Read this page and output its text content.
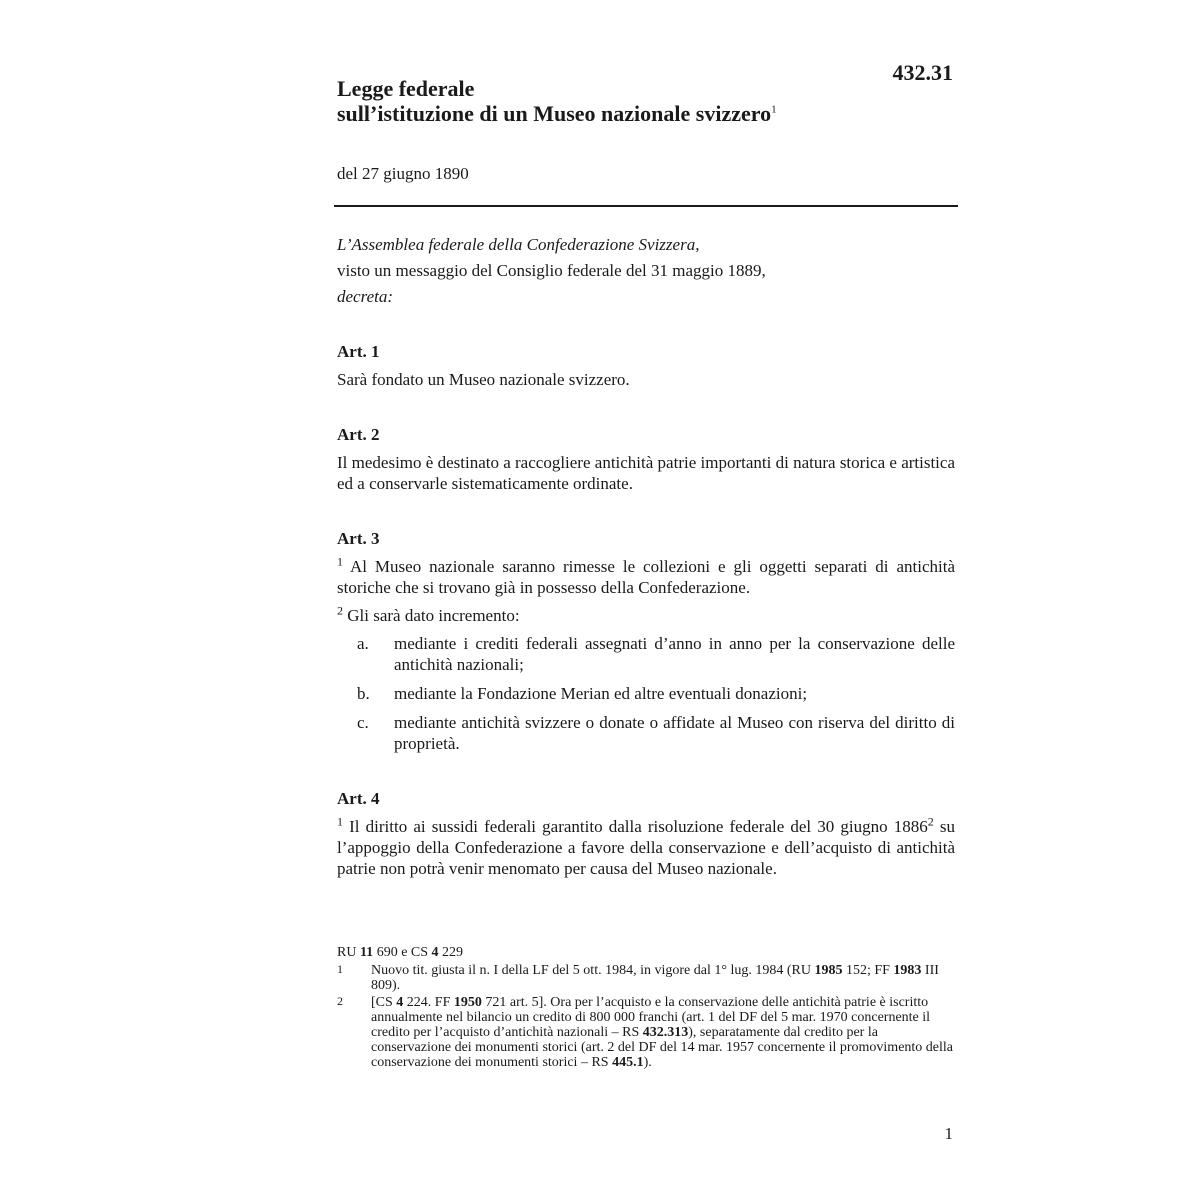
432.31
Legge federale
sull’istituzione di un Museo nazionale svizzero$^1$
del 27 giugno 1890

L’Assemblea federale della Confederazione Svizzera,

visto un messaggio del Consiglio federale del 31 maggio 1889,

decreta:

Art. 1

Sarà fondato un Museo nazionale svizzero.

Art. 2

Il medesimo è destinato a raccogliere antichità patrie importanti di natura storica e artistica ed a conservarle sistematicamente ordinate.

Art. 3

$^1$ Al Museo nazionale saranno rimesse le collezioni e gli oggetti separati di antichità storiche che si trovano già in possesso della Confederazione.

$^2$ Gli sarà dato incremento:

a. mediante i crediti federali assegnati d’anno in anno per la conservazione delle antichità nazionali;
b. mediante la Fondazione Merian ed altre eventuali donazioni;
c. mediante antichità svizzere o donate o affidate al Museo con riserva del diritto di proprietà.
Art. 4

$^1$ Il diritto ai sussidi federali garantito dalla risoluzione federale del 30 giugno 1886$^2$ su l’appoggio della Confederazione a favore della conservazione e dell’acquisto di antichità patrie non potrà venir menomato per causa del Museo nazionale.

RU 11 690 e CS 4 229
1 Nuovo tit. giusta il n. I della LF del 5 ott. 1984, in vigore dal 1° lug. 1984 (RU 1985 152; FF 1983 III 809).
2 [CS 4 224. FF 1950 721 art. 5]. Ora per l’acquisto e la conservazione delle antichità patrie è iscritto annualmente nel bilancio un credito di 800 000 franchi (art. 1 del DF del 5 mar. 1970 concernente il credito per l’acquisto d’antichità nazionali – RS 432.313), separatamente dal credito per la conservazione dei monumenti storici (art. 2 del DF del 14 mar. 1957 concernente il promovimento della conservazione dei monumenti storici – RS 445.1).
1
